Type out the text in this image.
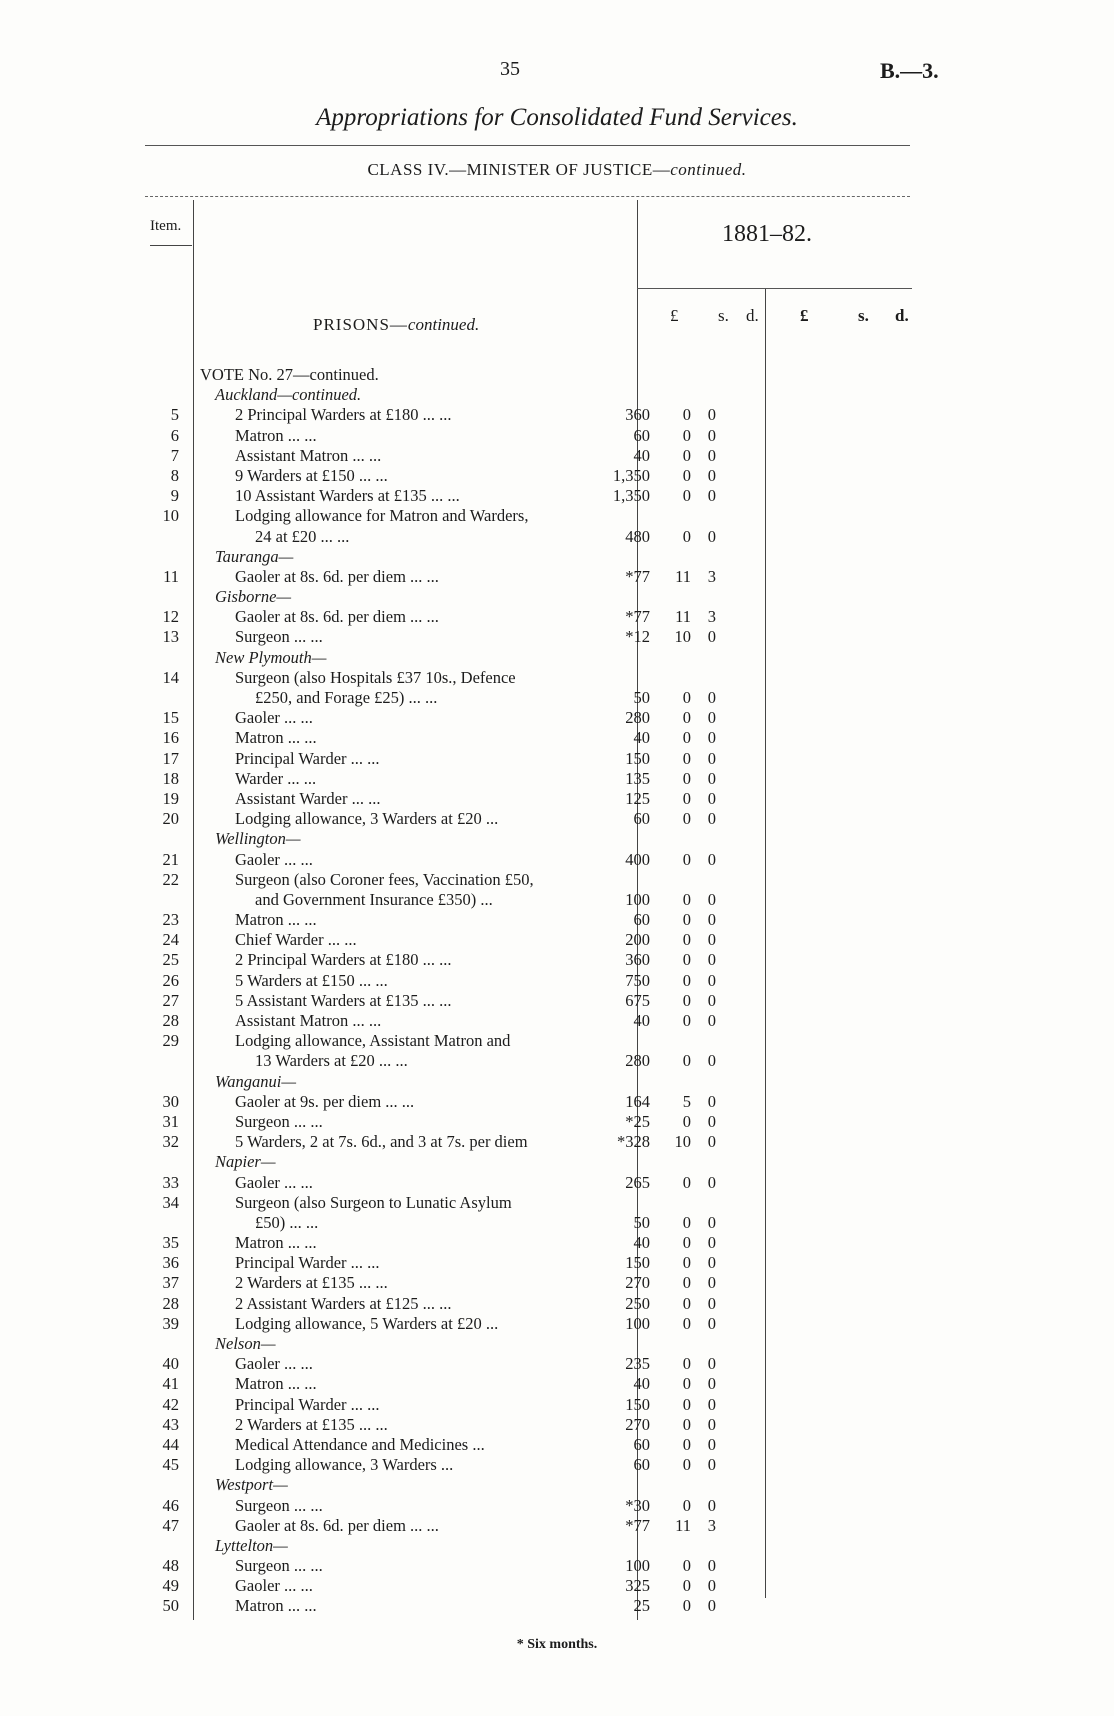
35	B.—3.
Appropriations for Consolidated Fund Services.
CLASS IV.—MINISTER OF JUSTICE—continued.
Item.	1881–82.
PRISONS—continued.	£ s. d. £	s. d.
VOTE No. 27—continued.
Auckland—continued.
5	2 Principal Warders at £180 ... ...	360 0 0
6	Matron ... ...	60 0 0
7	Assistant Matron ... ...	40 0 0
8	9 Warders at £150 ... ...	1,350 0 0
9	10 Assistant Warders at £135 ... ...	1,350 0 0
10	Lodging allowance for Matron and Warders,
24 at £20 ... ...	480 0 0
Tauranga—
11	Gaoler at 8s. 6d. per diem ... ...	*77 11 3
Gisborne—
12	Gaoler at 8s. 6d. per diem ... ...	*77 11 3
13	Surgeon ... ...	*12 10 0
New Plymouth—
14	Surgeon (also Hospitals £37 10s., Defence
£250, and Forage £25) ... ...	50 0 0
15	Gaoler ... ...	280 0 0
16	Matron ... ...	40 0 0
17	Principal Warder ... ...	150 0 0
18	Warder ... ...	135 0 0
19	Assistant Warder ... ...	125 0 0
20	Lodging allowance, 3 Warders at £20 ...	60 0 0
Wellington—
21	Gaoler ... ...	400 0 0
22	Surgeon (also Coroner fees, Vaccination £50,
and Government Insurance £350) ...	100 0 0
23	Matron ... ...	60 0 0
24	Chief Warder ... ...	200 0 0
25	2 Principal Warders at £180 ... ...	360 0 0
26	5 Warders at £150 ... ...	750 0 0
27	5 Assistant Warders at £135 ... ...	675 0 0
28	Assistant Matron ... ...	40 0 0
29	Lodging allowance, Assistant Matron and
13 Warders at £20 ... ...	280 0 0
Wanganui—
30	Gaoler at 9s. per diem ... ...	164 5 0
31	Surgeon ... ...	*25 0 0
32	5 Warders, 2 at 7s. 6d., and 3 at 7s. per diem	*328 10 0
Napier—
33	Gaoler ... ...	265 0 0
34	Surgeon (also Surgeon to Lunatic Asylum
£50) ... ...	50 0 0
35	Matron ... ...	40 0 0
36	Principal Warder ... ...	150 0 0
37	2 Warders at £135 ... ...	270 0 0
28	2 Assistant Warders at £125 ... ...	250 0 0
39	Lodging allowance, 5 Warders at £20 ...	100 0 0
Nelson—
40	Gaoler ... ...	235 0 0
41	Matron ... ...	40 0 0
42	Principal Warder ... ...	150 0 0
43	2 Warders at £135 ... ...	270 0 0
44	Medical Attendance and Medicines ...	60 0 0
45	Lodging allowance, 3 Warders ...	60 0 0
Westport—
46	Surgeon ... ...	*30 0 0
47	Gaoler at 8s. 6d. per diem ... ...	*77 11 3
Lyttelton—
48	Surgeon ... ...	100 0 0
49	Gaoler ... ...	325 0 0
50	Matron ... ...	25 0 0
* Six months.
